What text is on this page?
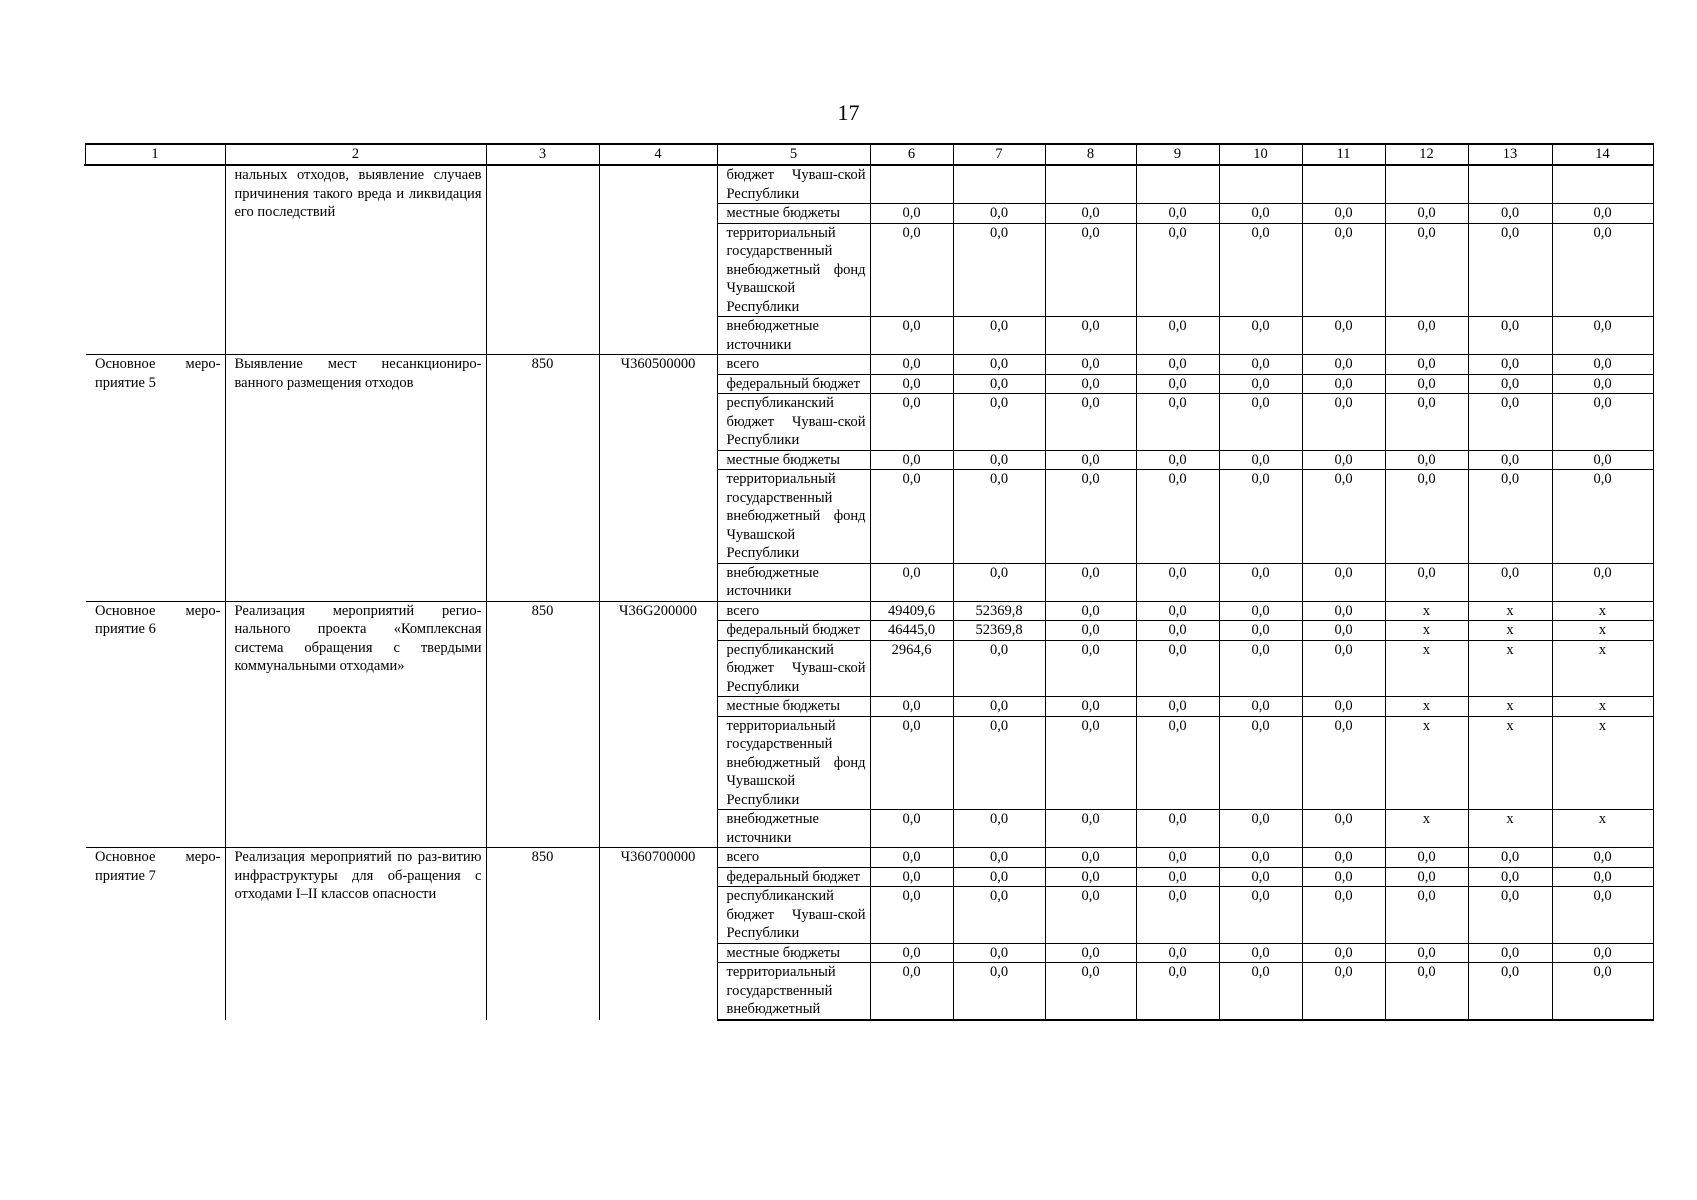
17
1	2	3	4	5	6	7	8	9	10	11	12	13	14
	нальных отходов, выявление случаев причинения такого вреда и ликвидация его последствий			бюджет Чуваш-ской Республики									
				местные бюджеты	0,0	0,0	0,0	0,0	0,0	0,0	0,0	0,0	0,0
				территориальный государственный внебюджетный фонд Чувашской Республики	0,0	0,0	0,0	0,0	0,0	0,0	0,0	0,0	0,0
				внебюджетные источники	0,0	0,0	0,0	0,0	0,0	0,0	0,0	0,0	0,0
Основное меро-приятие 5	Выявление мест несанкциониро-ванного размещения отходов	850	Ч360500000	всего	0,0	0,0	0,0	0,0	0,0	0,0	0,0	0,0	0,0
				федеральный бюджет	0,0	0,0	0,0	0,0	0,0	0,0	0,0	0,0	0,0
				республиканский бюджет Чуваш-ской Республики	0,0	0,0	0,0	0,0	0,0	0,0	0,0	0,0	0,0
				местные бюджеты	0,0	0,0	0,0	0,0	0,0	0,0	0,0	0,0	0,0
				территориальный государственный внебюджетный фонд Чувашской Республики	0,0	0,0	0,0	0,0	0,0	0,0	0,0	0,0	0,0
				внебюджетные источники	0,0	0,0	0,0	0,0	0,0	0,0	0,0	0,0	0,0
Основное меро-приятие 6	Реализация мероприятий регио-нального проекта «Комплексная система обращения с твердыми коммунальными отходами»	850	Ч36G200000	всего	49409,6	52369,8	0,0	0,0	0,0	0,0	x	x	x
				федеральный бюджет	46445,0	52369,8	0,0	0,0	0,0	0,0	x	x	x
				республиканский бюджет Чуваш-ской Республики	2964,6	0,0	0,0	0,0	0,0	0,0	x	x	x
				местные бюджеты	0,0	0,0	0,0	0,0	0,0	0,0	x	x	x
				территориальный государственный внебюджетный фонд Чувашской Республики	0,0	0,0	0,0	0,0	0,0	0,0	x	x	x
				внебюджетные источники	0,0	0,0	0,0	0,0	0,0	0,0	x	x	x
Основное меро-приятие 7	Реализация мероприятий по раз-витию инфраструктуры для об-ращения с отходами I–II классов опасности	850	Ч360700000	всего	0,0	0,0	0,0	0,0	0,0	0,0	0,0	0,0	0,0
				федеральный бюджет	0,0	0,0	0,0	0,0	0,0	0,0	0,0	0,0	0,0
				республиканский бюджет Чуваш-ской Республики	0,0	0,0	0,0	0,0	0,0	0,0	0,0	0,0	0,0
				местные бюджеты	0,0	0,0	0,0	0,0	0,0	0,0	0,0	0,0	0,0
				территориальный государственный внебюджетный	0,0	0,0	0,0	0,0	0,0	0,0	0,0	0,0	0,0
